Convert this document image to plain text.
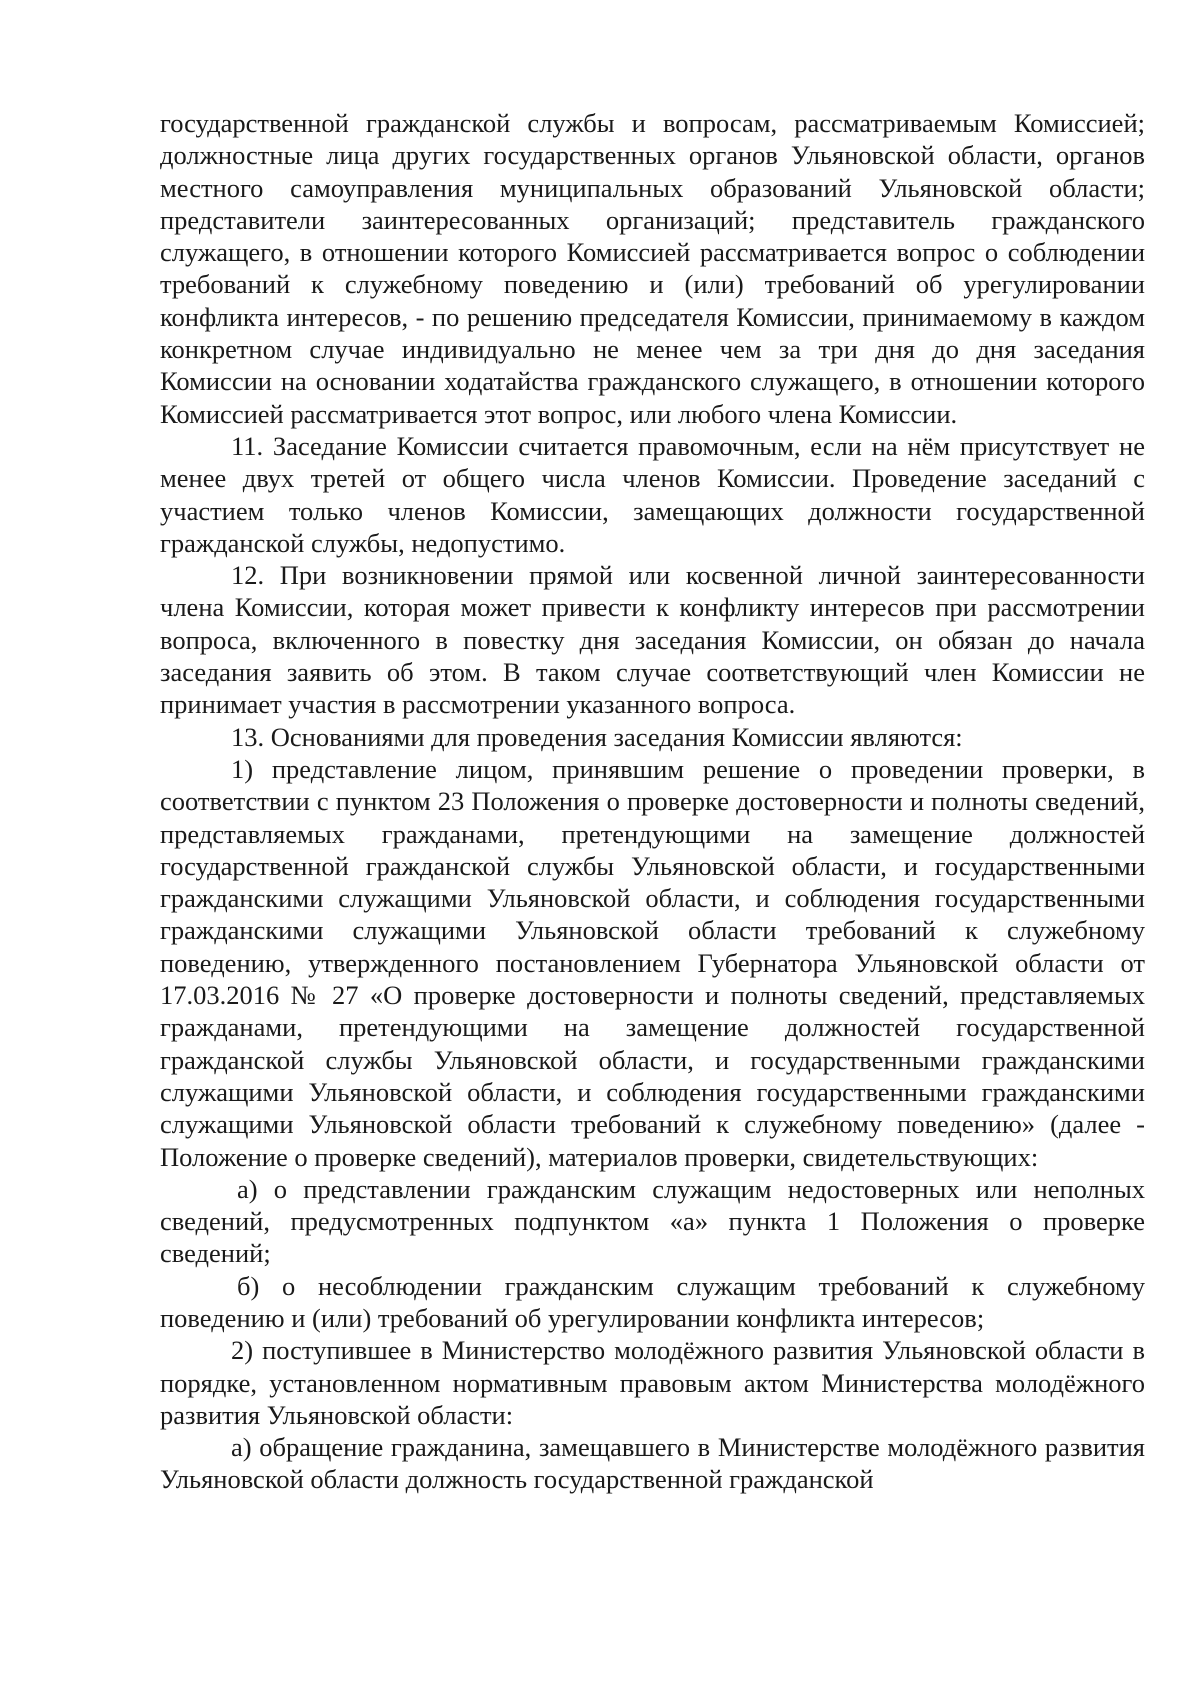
государственной гражданской службы и вопросам, рассматриваемым Комиссией; должностные лица других государственных органов Ульяновской области, органов местного самоуправления муниципальных образований Ульяновской области; представители заинтересованных организаций; представитель гражданского служащего, в отношении которого Комиссией рассматривается вопрос о соблюдении требований к служебному поведению и (или) требований об урегулировании конфликта интересов, - по решению председателя Комиссии, принимаемому в каждом конкретном случае индивидуально не менее чем за три дня до дня заседания Комиссии на основании ходатайства гражданского служащего, в отношении которого Комиссией рассматривается этот вопрос, или любого члена Комиссии.

11. Заседание Комиссии считается правомочным, если на нём присутствует не менее двух третей от общего числа членов Комиссии. Проведение заседаний с участием только членов Комиссии, замещающих должности государственной гражданской службы, недопустимо.

12. При возникновении прямой или косвенной личной заинтересованности члена Комиссии, которая может привести к конфликту интересов при рассмотрении вопроса, включенного в повестку дня заседания Комиссии, он обязан до начала заседания заявить об этом. В таком случае соответствующий член Комиссии не принимает участия в рассмотрении указанного вопроса.

13. Основаниями для проведения заседания Комиссии являются:

1) представление лицом, принявшим решение о проведении проверки, в соответствии с пунктом 23 Положения о проверке достоверности и полноты сведений, представляемых гражданами, претендующими на замещение должностей государственной гражданской службы Ульяновской области, и государственными гражданскими служащими Ульяновской области, и соблюдения государственными гражданскими служащими Ульяновской области требований к служебному поведению, утвержденного постановлением Губернатора Ульяновской области от 17.03.2016 № 27 «О проверке достоверности и полноты сведений, представляемых гражданами, претендующими на замещение должностей государственной гражданской службы Ульяновской области, и государственными гражданскими служащими Ульяновской области, и соблюдения государственными гражданскими служащими Ульяновской области требований к служебному поведению» (далее - Положение о проверке сведений), материалов проверки, свидетельствующих:

а) о представлении гражданским служащим недостоверных или неполных сведений, предусмотренных подпунктом «а» пункта 1 Положения о проверке сведений;

б) о несоблюдении гражданским служащим требований к служебному поведению и (или) требований об урегулировании конфликта интересов;

2) поступившее в Министерство молодёжного развития Ульяновской области в порядке, установленном нормативным правовым актом Министерства молодёжного развития Ульяновской области:

а) обращение гражданина, замещавшего в Министерстве молодёжного развития Ульяновской области должность государственной гражданской
